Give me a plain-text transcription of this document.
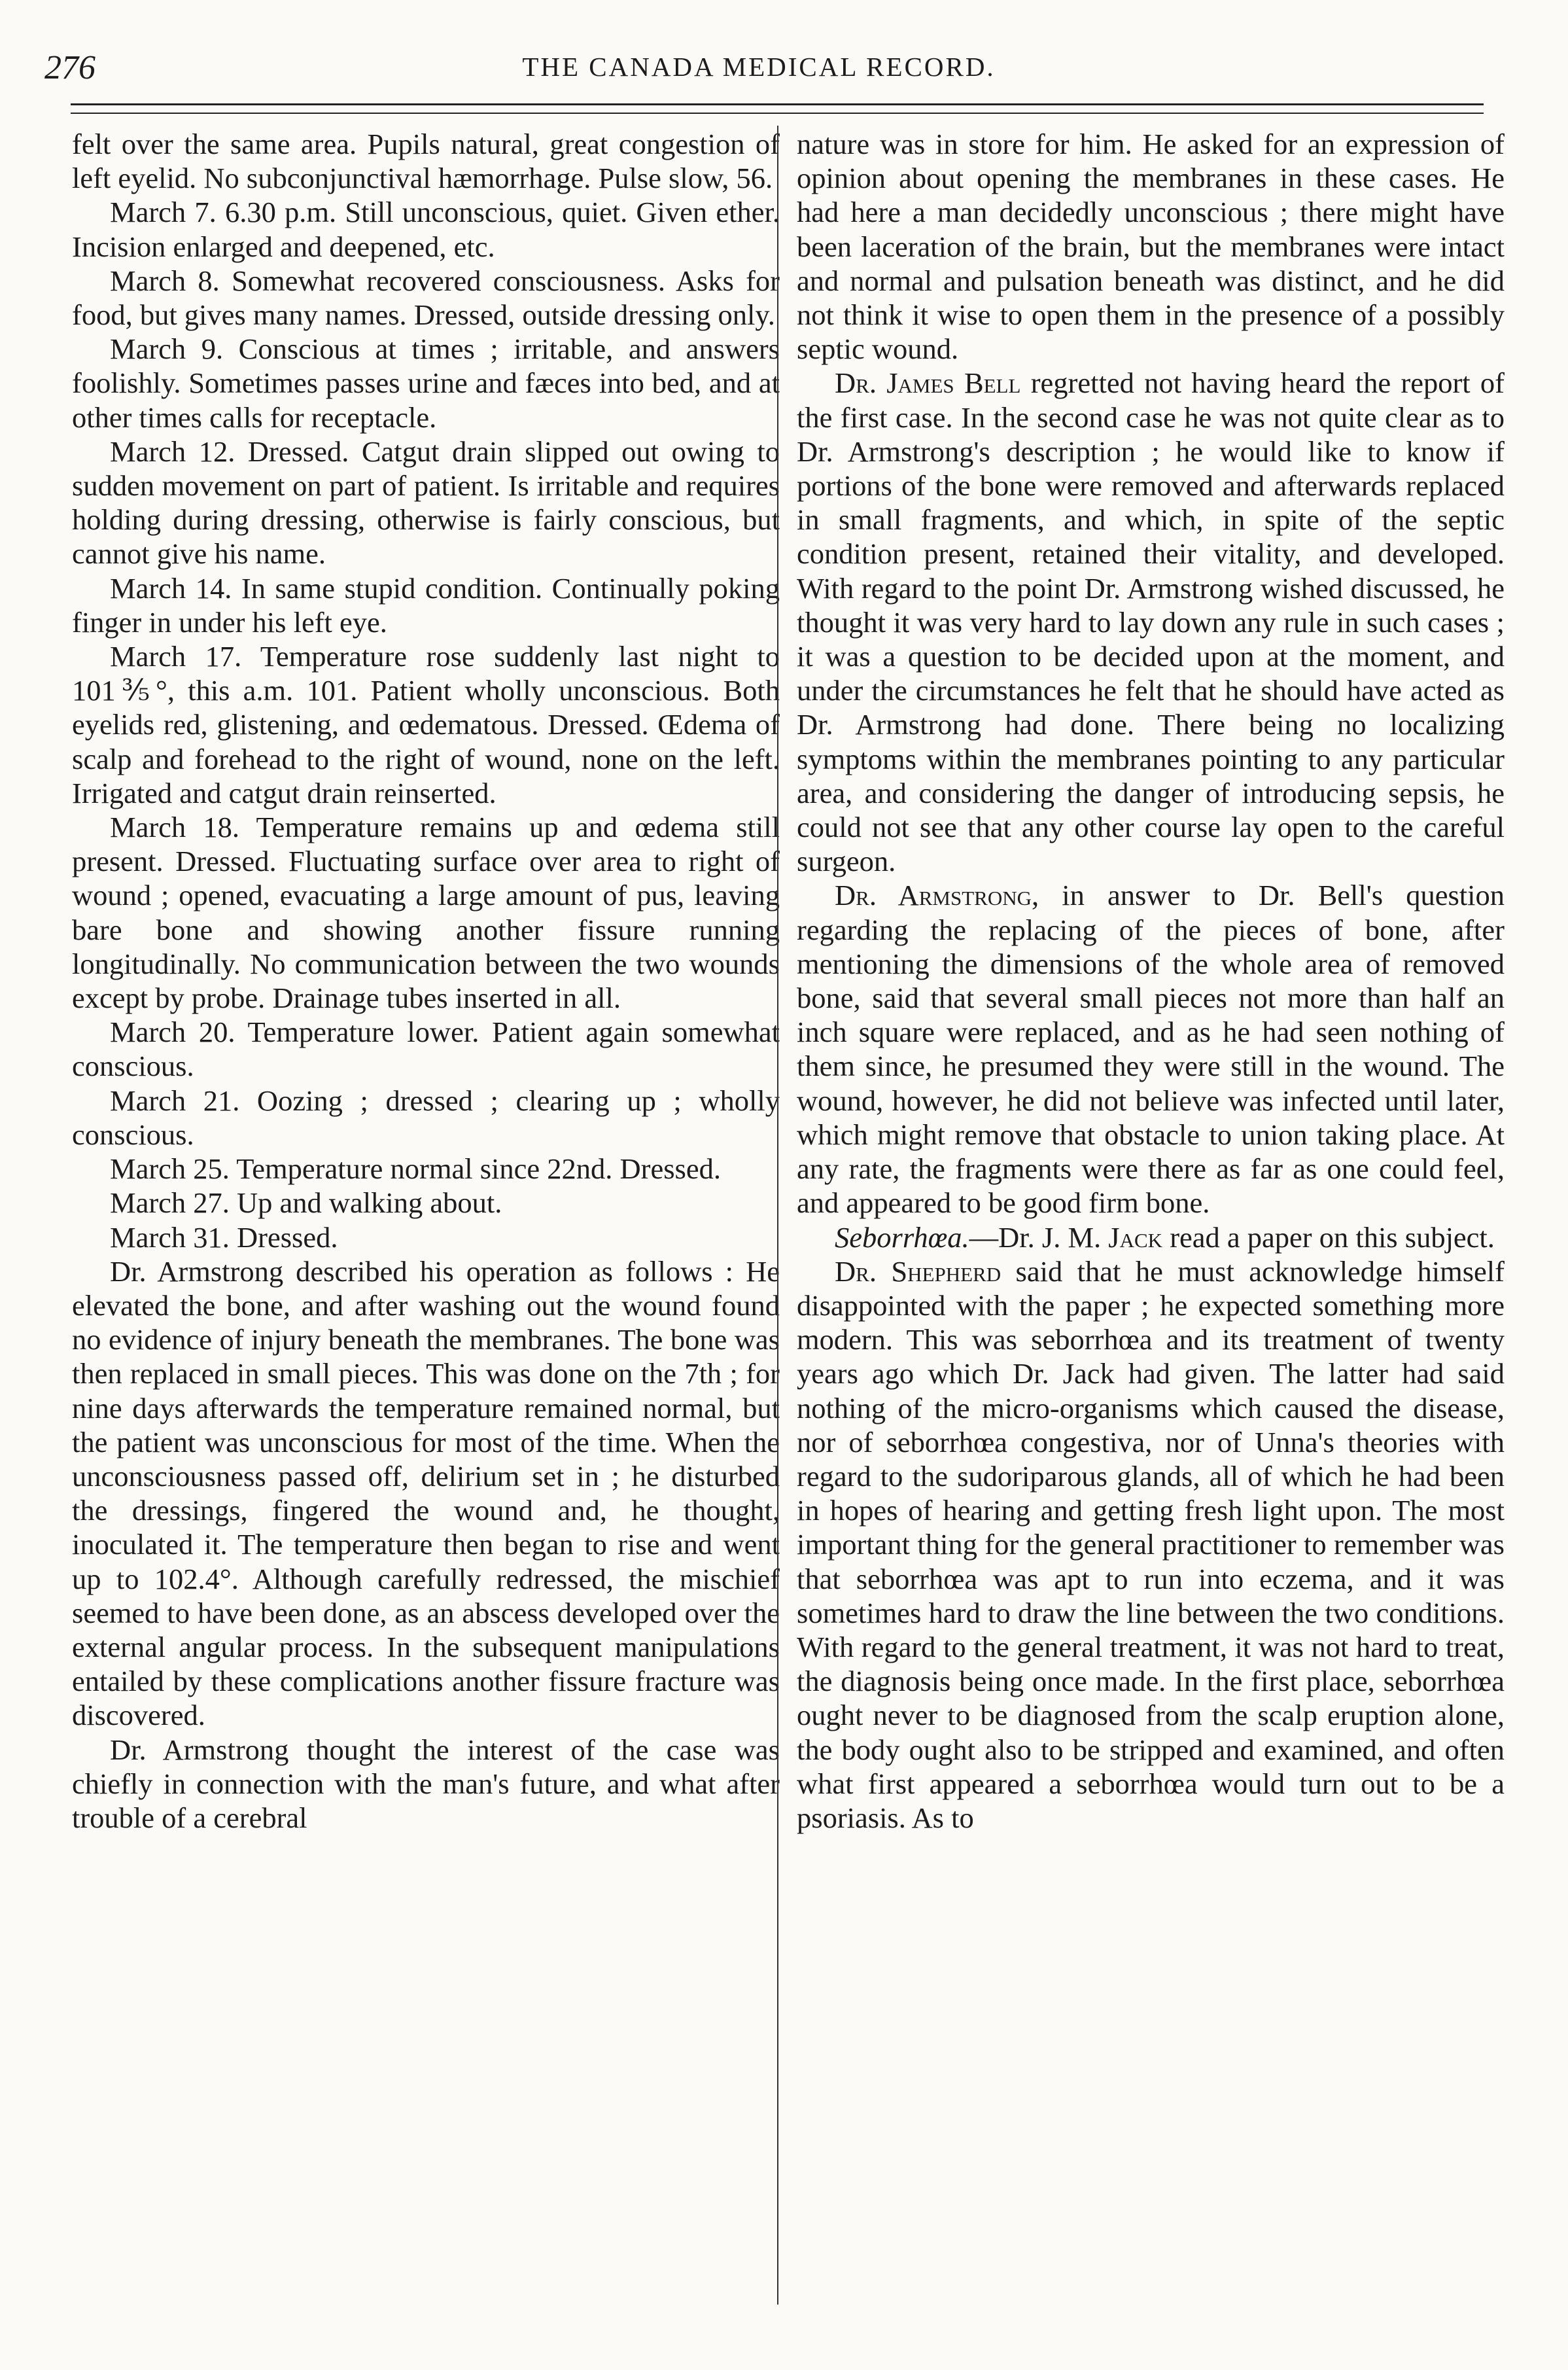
276	THE CANADA MEDICAL RECORD.

felt over the same area. Pupils natural, great congestion of left eyelid. No subconjunctival hæmorrhage. Pulse slow, 56.

March 7. 6.30 p.m. Still unconscious, quiet. Given ether. Incision enlarged and deepened, etc.

March 8. Somewhat recovered consciousness. Asks for food, but gives many names. Dressed, outside dressing only.

March 9. Conscious at times ; irritable, and answers foolishly. Sometimes passes urine and fæces into bed, and at other times calls for receptacle.

March 12. Dressed. Catgut drain slipped out owing to sudden movement on part of patient. Is irritable and requires holding during dressing, otherwise is fairly conscious, but cannot give his name.

March 14. In same stupid condition. Continually poking finger in under his left eye.

March 17. Temperature rose suddenly last night to 101⅗°, this a.m. 101. Patient wholly unconscious. Both eyelids red, glistening, and œdematous. Dressed. Œdema of scalp and forehead to the right of wound, none on the left. Irrigated and catgut drain reinserted.

March 18. Temperature remains up and œdema still present. Dressed. Fluctuating surface over area to right of wound ; opened, evacuating a large amount of pus, leaving bare bone and showing another fissure running longitudinally. No communication between the two wounds except by probe. Drainage tubes inserted in all.

March 20. Temperature lower. Patient again somewhat conscious.

March 21. Oozing ; dressed ; clearing up ; wholly conscious.

March 25. Temperature normal since 22nd. Dressed.

March 27. Up and walking about.

March 31. Dressed.

Dr. Armstrong described his operation as follows : He elevated the bone, and after washing out the wound found no evidence of injury beneath the membranes. The bone was then replaced in small pieces. This was done on the 7th ; for nine days afterwards the temperature remained normal, but the patient was unconscious for most of the time. When the unconsciousness passed off, delirium set in ; he disturbed the dressings, fingered the wound and, he thought, inoculated it. The temperature then began to rise and went up to 102.4°. Although carefully redressed, the mischief seemed to have been done, as an abscess developed over the external angular process. In the subsequent manipulations entailed by these complications another fissure fracture was discovered.

Dr. Armstrong thought the interest of the case was chiefly in connection with the man's future, and what after trouble of a cerebral

nature was in store for him. He asked for an expression of opinion about opening the membranes in these cases. He had here a man decidedly unconscious ; there might have been laceration of the brain, but the membranes were intact and normal and pulsation beneath was distinct, and he did not think it wise to open them in the presence of a possibly septic wound.

Dr. James Bell regretted not having heard the report of the first case. In the second case he was not quite clear as to Dr. Armstrong's description ; he would like to know if portions of the bone were removed and afterwards replaced in small fragments, and which, in spite of the septic condition present, retained their vitality, and developed. With regard to the point Dr. Armstrong wished discussed, he thought it was very hard to lay down any rule in such cases ; it was a question to be decided upon at the moment, and under the circumstances he felt that he should have acted as Dr. Armstrong had done. There being no localizing symptoms within the membranes pointing to any particular area, and considering the danger of introducing sepsis, he could not see that any other course lay open to the careful surgeon.

Dr. Armstrong, in answer to Dr. Bell's question regarding the replacing of the pieces of bone, after mentioning the dimensions of the whole area of removed bone, said that several small pieces not more than half an inch square were replaced, and as he had seen nothing of them since, he presumed they were still in the wound. The wound, however, he did not believe was infected until later, which might remove that obstacle to union taking place. At any rate, the fragments were there as far as one could feel, and appeared to be good firm bone.

Seborrhœa.—Dr. J. M. Jack read a paper on this subject.

Dr. Shepherd said that he must acknowledge himself disappointed with the paper ; he expected something more modern. This was seborrhœa and its treatment of twenty years ago which Dr. Jack had given. The latter had said nothing of the micro-organisms which caused the disease, nor of seborrhœa congestiva, nor of Unna's theories with regard to the sudoriparous glands, all of which he had been in hopes of hearing and getting fresh light upon. The most important thing for the general practitioner to remember was that seborrhœa was apt to run into eczema, and it was sometimes hard to draw the line between the two conditions. With regard to the general treatment, it was not hard to treat, the diagnosis being once made. In the first place, seborrhœa ought never to be diagnosed from the scalp eruption alone, the body ought also to be stripped and examined, and often what first appeared a seborrhœa would turn out to be a psoriasis. As to
